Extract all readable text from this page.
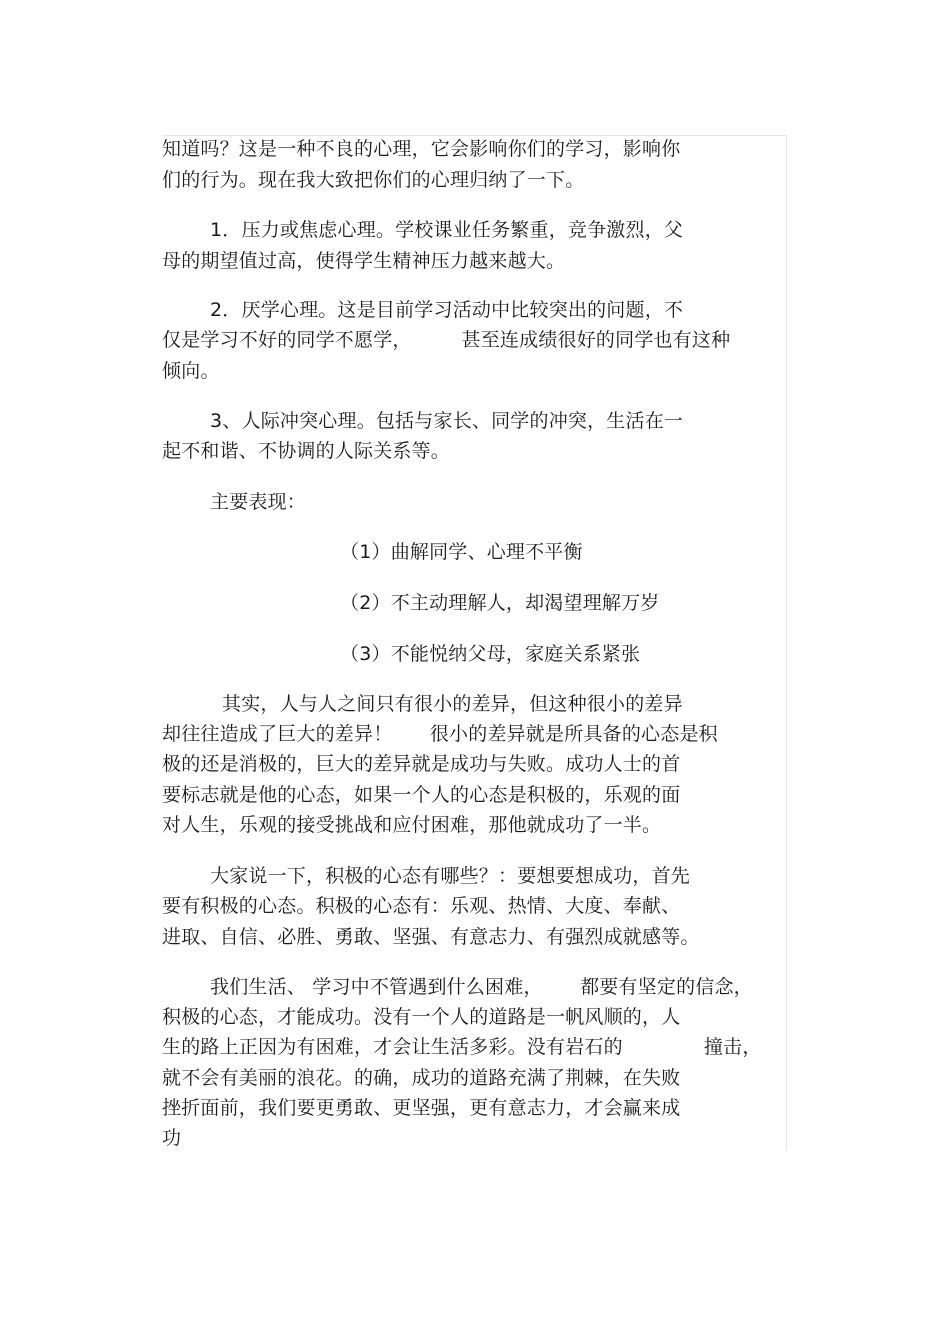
知道吗？这是一种不良的心理，它会影响你们的学习，影响你
们的行为。现在我大致把你们的心理归纳了一下。
1．压力或焦虑心理。学校课业任务繁重，竞争激烈，父
母的期望值过高，使得学生精神压力越来越大。
2．厌学心理。这是目前学习活动中比较突出的问题，不
仅是学习不好的同学不愿学，        甚至连成绩很好的同学也有这种
倾向。
3、人际冲突心理。包括与家长、同学的冲突，生活在一
起不和谐、不协调的人际关系等。
主要表现：
（1）曲解同学、心理不平衡
（2）不主动理解人，却渴望理解万岁
（3）不能悦纳父母，家庭关系紧张
其实，人与人之间只有很小的差异，但这种很小的差异
却往往造成了巨大的差异！      很小的差异就是所具备的心态是积
极的还是消极的，巨大的差异就是成功与失败。成功人士的首
要标志就是他的心态，如果一个人的心态是积极的，乐观的面
对人生，乐观的接受挑战和应付困难，那他就成功了一半。
大家说一下，积极的心态有哪些？：要想要想成功，首先
要有积极的心态。积极的心态有：乐观、热情、大度、奉献、
进取、自信、必胜、勇敢、坚强、有意志力、有强烈成就感等。
我们生活、 学习中不管遇到什么困难，      都要有坚定的信念，
积极的心态，才能成功。没有一个人的道路是一帆风顺的，人
生的路上正因为有困难，才会让生活多彩。没有岩石的             撞击，
就不会有美丽的浪花。的确，成功的道路充满了荆棘，在失败
挫折面前，我们要更勇敢、更坚强，更有意志力，才会赢来成
功
